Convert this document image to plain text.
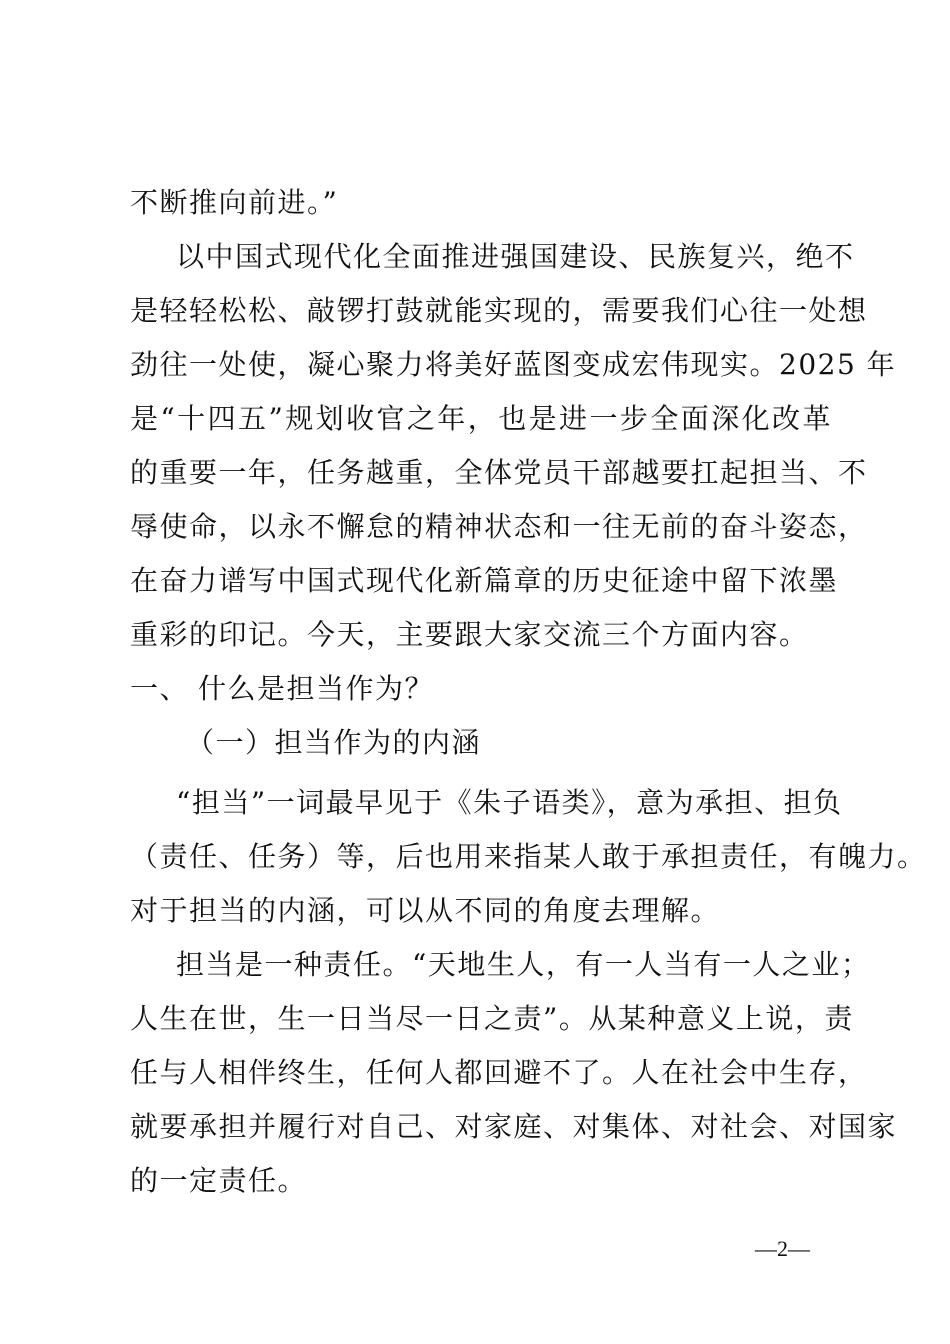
不断推向前进。”
以中国式现代化全面推进强国建设、民族复兴，绝不
是轻轻松松、敲锣打鼓就能实现的，需要我们心往一处想
劲往一处使，凝心聚力将美好蓝图变成宏伟现实。2025 年
是“十四五”规划收官之年，也是进一步全面深化改革
的重要一年，任务越重，全体党员干部越要扛起担当、不
辱使命，以永不懈怠的精神状态和一往无前的奋斗姿态，
在奋力谱写中国式现代化新篇章的历史征途中留下浓墨
重彩的印记。今天，主要跟大家交流三个方面内容。
一、 什么是担当作为？
（一）担当作为的内涵
“担当”一词最早见于《朱子语类》，意为承担、担负
（责任、任务）等，后也用来指某人敢于承担责任，有魄力。
对于担当的内涵，可以从不同的角度去理解。
担当是一种责任。“天地生人，有一人当有一人之业；
人生在世，生一日当尽一日之责”。从某种意义上说，责
任与人相伴终生，任何人都回避不了。人在社会中生存，
就要承担并履行对自己、对家庭、对集体、对社会、对国家
的一定责任。
—2—
